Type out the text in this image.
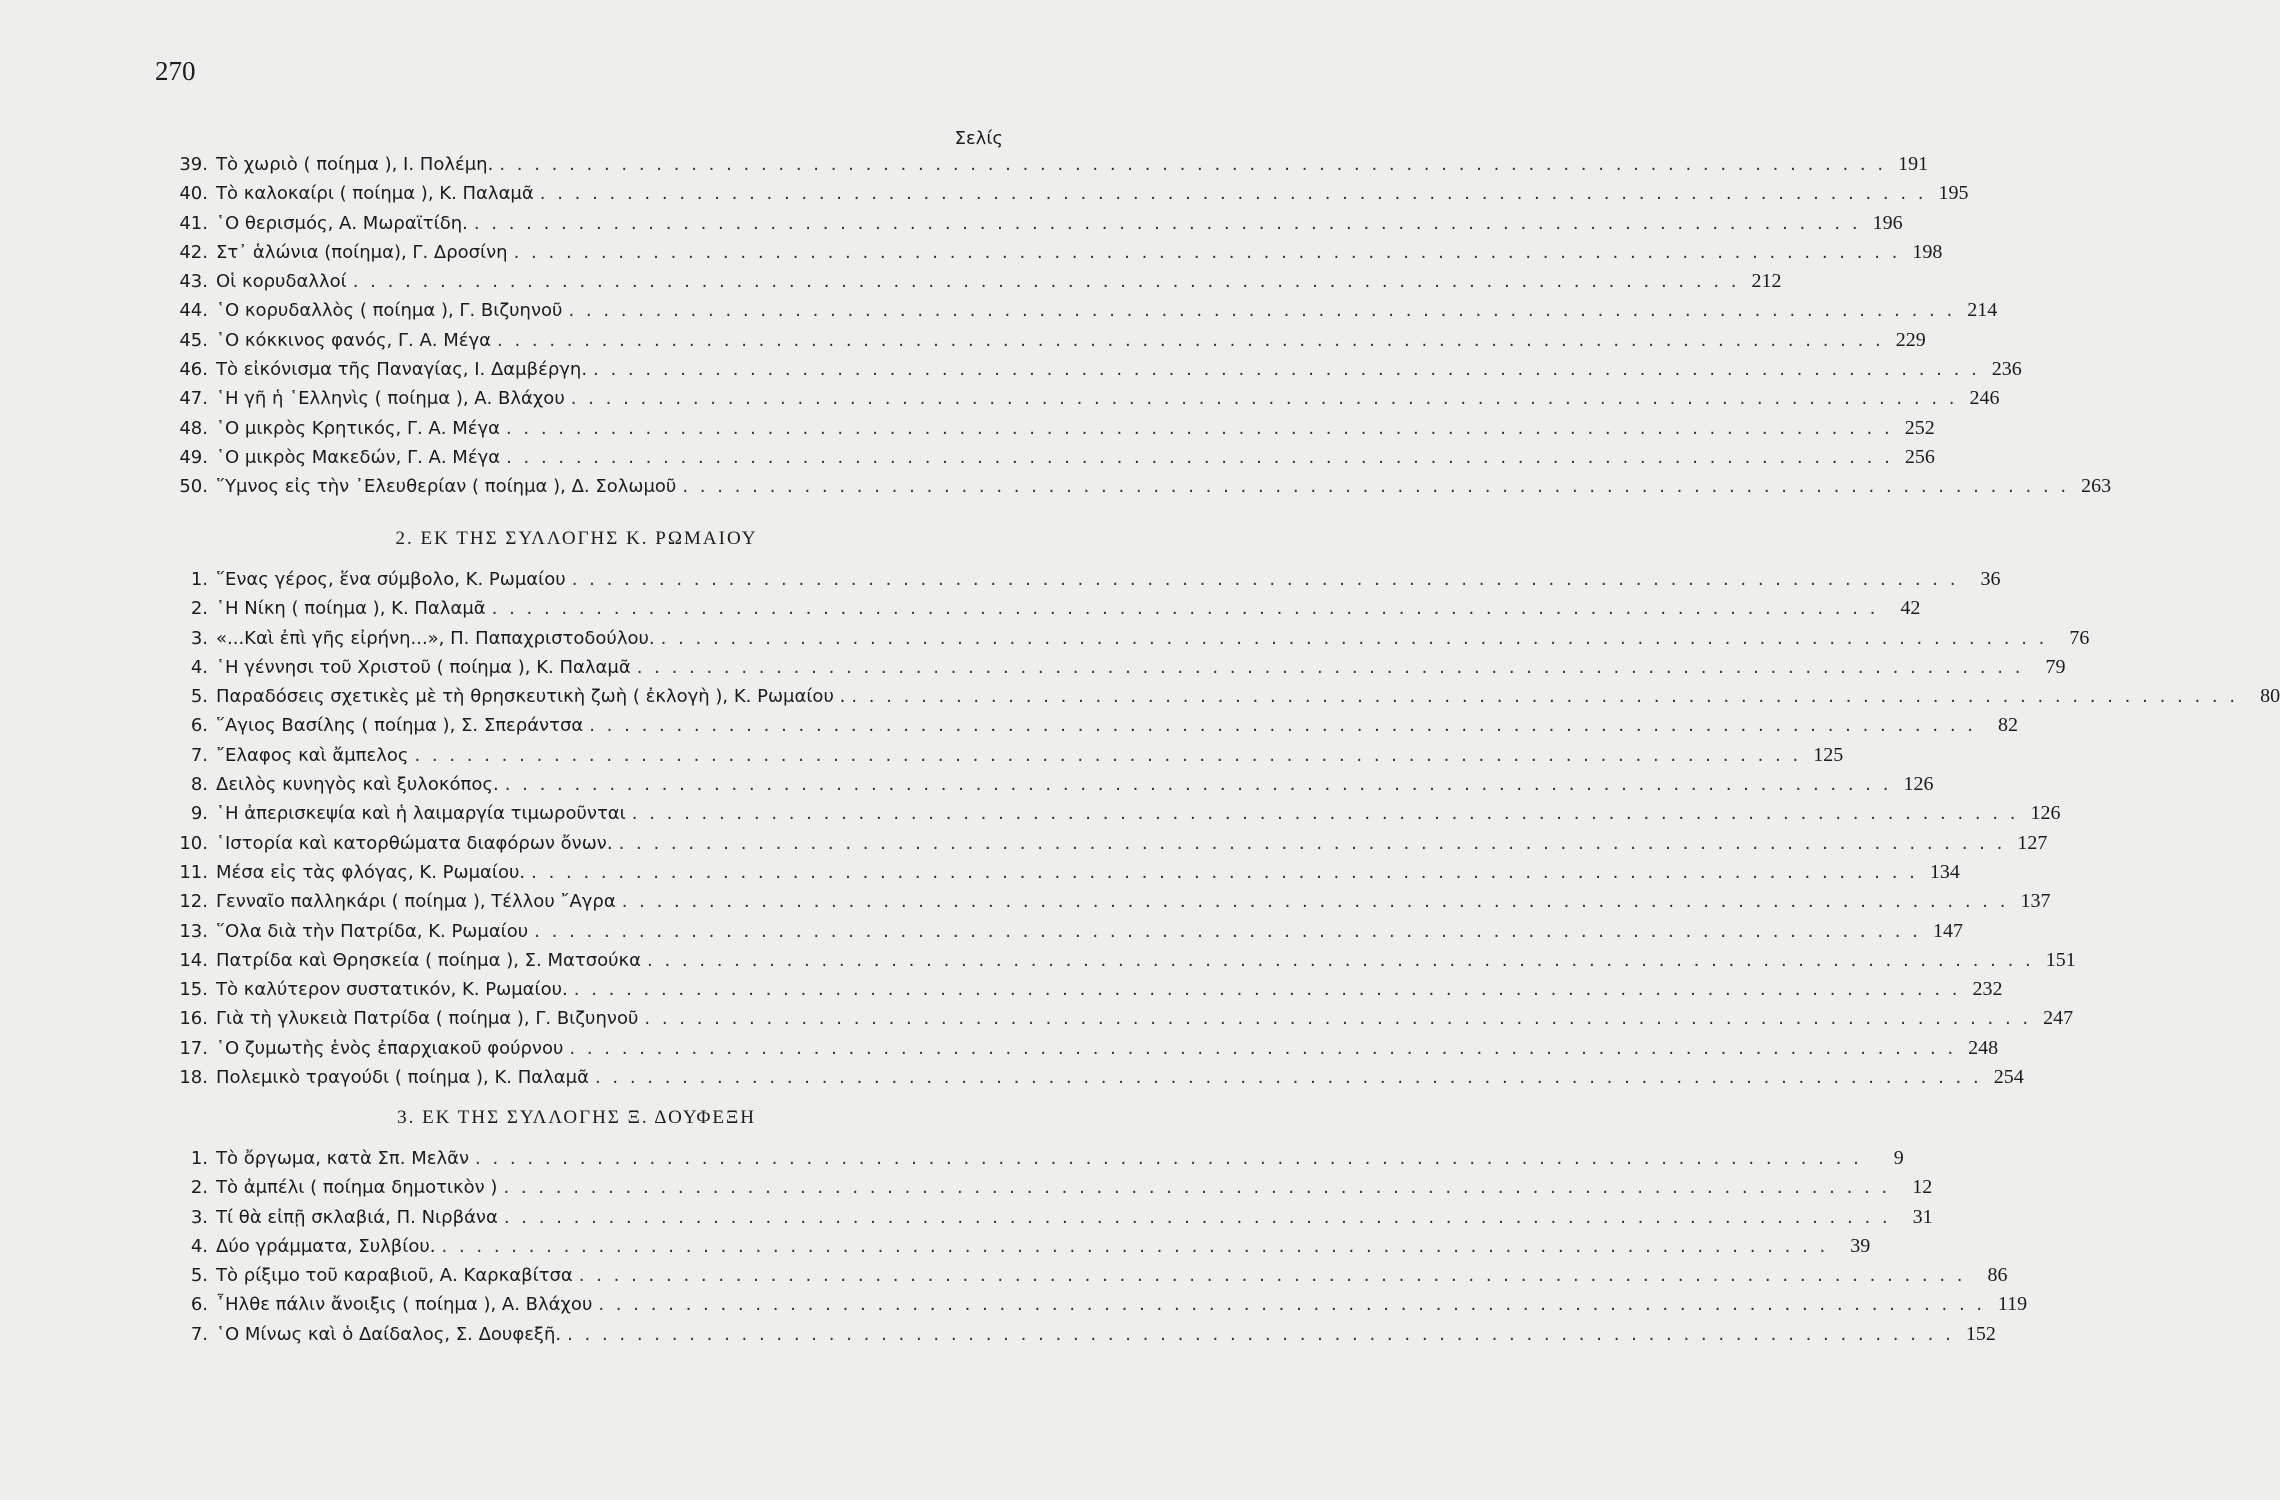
270
Σελίς
39. Τὸ χωριὸ ( ποίημα ), Ι. Πολέμη. . . . . . . . . . . . . . . . . . . . . . . . . . . . . . . . . . . . . . . . . . . . . . . . . . . . . . . . . . . . . . . . . . . . . . . . . . . . . . . . . 191
40. Τὸ καλοκαίρι ( ποίημα ), Κ. Παλαμᾶ . . . . . . . . . . . . . . . . . . . . . . . . . . . . . . . . . . . . . . . . . . . . . . . . . . . . . . . . . . . . . . . . . . . . . . . . . . . . . . . . 195
41. ῾Ο θερισμός, Α. Μωραϊτίδη. . . . . . . . . . . . . . . . . . . . . . . . . . . . . . . . . . . . . . . . . . . . . . . . . . . . . . . . . . . . . . . . . . . . . . . . . . . . . . . . . 196
42. Στ᾽ ἁλώνια (ποίημα), Γ. Δροσίνη . . . . . . . . . . . . . . . . . . . . . . . . . . . . . . . . . . . . . . . . . . . . . . . . . . . . . . . . . . . . . . . . . . . . . . . . . . . . . . . . 198
43. Οἱ κορυδαλλοί . . . . . . . . . . . . . . . . . . . . . . . . . . . . . . . . . . . . . . . . . . . . . . . . . . . . . . . . . . . . . . . . . . . . . . . . . . . . . . . . 212
44. ῾Ο κορυδαλλὸς ( ποίημα ), Γ. Βιζυηνοῦ . . . . . . . . . . . . . . . . . . . . . . . . . . . . . . . . . . . . . . . . . . . . . . . . . . . . . . . . . . . . . . . . . . . . . . . . . . . . . . . . 214
45. ῾Ο κόκκινος φανός, Γ. Α. Μέγα . . . . . . . . . . . . . . . . . . . . . . . . . . . . . . . . . . . . . . . . . . . . . . . . . . . . . . . . . . . . . . . . . . . . . . . . . . . . . . . . 229
46. Τὸ εἰκόνισμα τῆς Παναγίας, Ι. Δαμβέργη. . . . . . . . . . . . . . . . . . . . . . . . . . . . . . . . . . . . . . . . . . . . . . . . . . . . . . . . . . . . . . . . . . . . . . . . . . . . . . . . . 236
47. ῾Η γῆ ἡ ῾Ελληνὶς ( ποίημα ), Α. Βλάχου . . . . . . . . . . . . . . . . . . . . . . . . . . . . . . . . . . . . . . . . . . . . . . . . . . . . . . . . . . . . . . . . . . . . . . . . . . . . . . . . 246
48. ῾Ο μικρὸς Κρητικός, Γ. Α. Μέγα . . . . . . . . . . . . . . . . . . . . . . . . . . . . . . . . . . . . . . . . . . . . . . . . . . . . . . . . . . . . . . . . . . . . . . . . . . . . . . . . 252
49. ῾Ο μικρὸς Μακεδών, Γ. Α. Μέγα . . . . . . . . . . . . . . . . . . . . . . . . . . . . . . . . . . . . . . . . . . . . . . . . . . . . . . . . . . . . . . . . . . . . . . . . . . . . . . . . 256
50. ῞Υμνος εἰς τὴν ᾽Ελευθερίαν ( ποίημα ), Δ. Σολωμοῦ . . . . . . . . . . . . . . . . . . . . . . . . . . . . . . . . . . . . . . . . . . . . . . . . . . . . . . . . . . . . . . . . . . . . . . . . . . . . . . . . 263
2. ΕΚ ΤΗΣ ΣΥΛΛΟΓΗΣ Κ. ΡΩΜΑΙΟΥ
1. ῞Ενας γέρος, ἕνα σύμβολο, Κ. Ρωμαίου . . . . . . . . . . . . . . . . . . . . . . . . . . . . . . . . . . . . . . . . . . . . . . . . . . . . . . . . . . . . . . . . . . . . . . . . . . . . . . . .	36
2. ῾Η Νίκη ( ποίημα ), Κ. Παλαμᾶ . . . . . . . . . . . . . . . . . . . . . . . . . . . . . . . . . . . . . . . . . . . . . . . . . . . . . . . . . . . . . . . . . . . . . . . . . . . . . . . .	42
3. «...Καὶ ἐπὶ γῆς εἰρήνη...», Π. Παπαχριστοδούλου. . . . . . . . . . . . . . . . . . . . . . . . . . . . . . . . . . . . . . . . . . . . . . . . . . . . . . . . . . . . . . . . . . . . . . . . . . . . . . . . .	76
4. ῾Η γέννησι τοῦ Χριστοῦ ( ποίημα ), Κ. Παλαμᾶ . . . . . . . . . . . . . . . . . . . . . . . . . . . . . . . . . . . . . . . . . . . . . . . . . . . . . . . . . . . . . . . . . . . . . . . . . . . . . . . .	79
5. Παραδόσεις σχετικὲς μὲ τὴ θρησκευτικὴ ζωὴ ( ἐκλογὴ ), Κ. Ρωμαίου . . . . . . . . . . . . . . . . . . . . . . . . . . . . . . . . . . . . . . . . . . . . . . . . . . . . . . . . . . . . . . . . . . . . . . . . . . . . . . . . .	80
6. ῞Αγιος Βασίλης ( ποίημα ), Σ. Σπεράντσα . . . . . . . . . . . . . . . . . . . . . . . . . . . . . . . . . . . . . . . . . . . . . . . . . . . . . . . . . . . . . . . . . . . . . . . . . . . . . . . .	82
7. ῎Ελαφος καὶ ἄμπελος . . . . . . . . . . . . . . . . . . . . . . . . . . . . . . . . . . . . . . . . . . . . . . . . . . . . . . . . . . . . . . . . . . . . . . . . . . . . . . . . 125
8. Δειλὸς κυνηγὸς καὶ ξυλοκόπος. . . . . . . . . . . . . . . . . . . . . . . . . . . . . . . . . . . . . . . . . . . . . . . . . . . . . . . . . . . . . . . . . . . . . . . . . . . . . . . . . 126
9. ῾Η ἀπερισκεψία καὶ ἡ λαιμαργία τιμωροῦνται . . . . . . . . . . . . . . . . . . . . . . . . . . . . . . . . . . . . . . . . . . . . . . . . . . . . . . . . . . . . . . . . . . . . . . . . . . . . . . . . 126
10. ῾Ιστορία καὶ κατορθώματα διαφόρων ὄνων. . . . . . . . . . . . . . . . . . . . . . . . . . . . . . . . . . . . . . . . . . . . . . . . . . . . . . . . . . . . . . . . . . . . . . . . . . . . . . . . . 127
11. Μέσα εἰς τὰς φλόγας, Κ. Ρωμαίου. . . . . . . . . . . . . . . . . . . . . . . . . . . . . . . . . . . . . . . . . . . . . . . . . . . . . . . . . . . . . . . . . . . . . . . . . . . . . . . . . 134
12. Γενναῖο παλληκάρι ( ποίημα ), Τέλλου ῎Αγρα . . . . . . . . . . . . . . . . . . . . . . . . . . . . . . . . . . . . . . . . . . . . . . . . . . . . . . . . . . . . . . . . . . . . . . . . . . . . . . . . 137
13. ῞Ολα διὰ τὴν Πατρίδα, Κ. Ρωμαίου . . . . . . . . . . . . . . . . . . . . . . . . . . . . . . . . . . . . . . . . . . . . . . . . . . . . . . . . . . . . . . . . . . . . . . . . . . . . . . . . 147
14. Πατρίδα καὶ Θρησκεία ( ποίημα ), Σ. Ματσούκα . . . . . . . . . . . . . . . . . . . . . . . . . . . . . . . . . . . . . . . . . . . . . . . . . . . . . . . . . . . . . . . . . . . . . . . . . . . . . . . . 151
15. Τὸ καλύτερον συστατικόν, Κ. Ρωμαίου. . . . . . . . . . . . . . . . . . . . . . . . . . . . . . . . . . . . . . . . . . . . . . . . . . . . . . . . . . . . . . . . . . . . . . . . . . . . . . . . . 232
16. Γιὰ τὴ γλυκειὰ Πατρίδα ( ποίημα ), Γ. Βιζυηνοῦ . . . . . . . . . . . . . . . . . . . . . . . . . . . . . . . . . . . . . . . . . . . . . . . . . . . . . . . . . . . . . . . . . . . . . . . . . . . . . . . . 247
17. ῾Ο ζυμωτὴς ἑνὸς ἐπαρχιακοῦ φούρνου . . . . . . . . . . . . . . . . . . . . . . . . . . . . . . . . . . . . . . . . . . . . . . . . . . . . . . . . . . . . . . . . . . . . . . . . . . . . . . . . 248
18. Πολεμικὸ τραγούδι ( ποίημα ), Κ. Παλαμᾶ . . . . . . . . . . . . . . . . . . . . . . . . . . . . . . . . . . . . . . . . . . . . . . . . . . . . . . . . . . . . . . . . . . . . . . . . . . . . . . . . 254
3. ΕΚ ΤΗΣ ΣΥΛΛΟΓΗΣ Ξ. ΔΟΥΦΕΞΗ
1. Τὸ ὄργωμα, κατὰ Σπ. Μελᾶν . . . . . . . . . . . . . . . . . . . . . . . . . . . . . . . . . . . . . . . . . . . . . . . . . . . . . . . . . . . . . . . . . . . . . . . . . . . . . . . .	9
2. Τὸ ἀμπέλι ( ποίημα δημοτικὸν ) . . . . . . . . . . . . . . . . . . . . . . . . . . . . . . . . . . . . . . . . . . . . . . . . . . . . . . . . . . . . . . . . . . . . . . . . . . . . . . . .	12
3. Τί θὰ εἰπῇ σκλαβιά, Π. Νιρβάνα . . . . . . . . . . . . . . . . . . . . . . . . . . . . . . . . . . . . . . . . . . . . . . . . . . . . . . . . . . . . . . . . . . . . . . . . . . . . . . . .	31
4. Δύο γράμματα, Συλβίου. . . . . . . . . . . . . . . . . . . . . . . . . . . . . . . . . . . . . . . . . . . . . . . . . . . . . . . . . . . . . . . . . . . . . . . . . . . . . . . . .	39
5. Τὸ ρίξιμο τοῦ καραβιοῦ, Α. Καρκαβίτσα . . . . . . . . . . . . . . . . . . . . . . . . . . . . . . . . . . . . . . . . . . . . . . . . . . . . . . . . . . . . . . . . . . . . . . . . . . . . . . . .	86
6. ῏Ηλθε πάλιν ἄνοιξις ( ποίημα ), Α. Βλάχου . . . . . . . . . . . . . . . . . . . . . . . . . . . . . . . . . . . . . . . . . . . . . . . . . . . . . . . . . . . . . . . . . . . . . . . . . . . . . . . . 119
7. ῾Ο Μίνως καὶ ὁ Δαίδαλος, Σ. Δουφεξῆ. . . . . . . . . . . . . . . . . . . . . . . . . . . . . . . . . . . . . . . . . . . . . . . . . . . . . . . . . . . . . . . . . . . . . . . . . . . . . . . . . 152
